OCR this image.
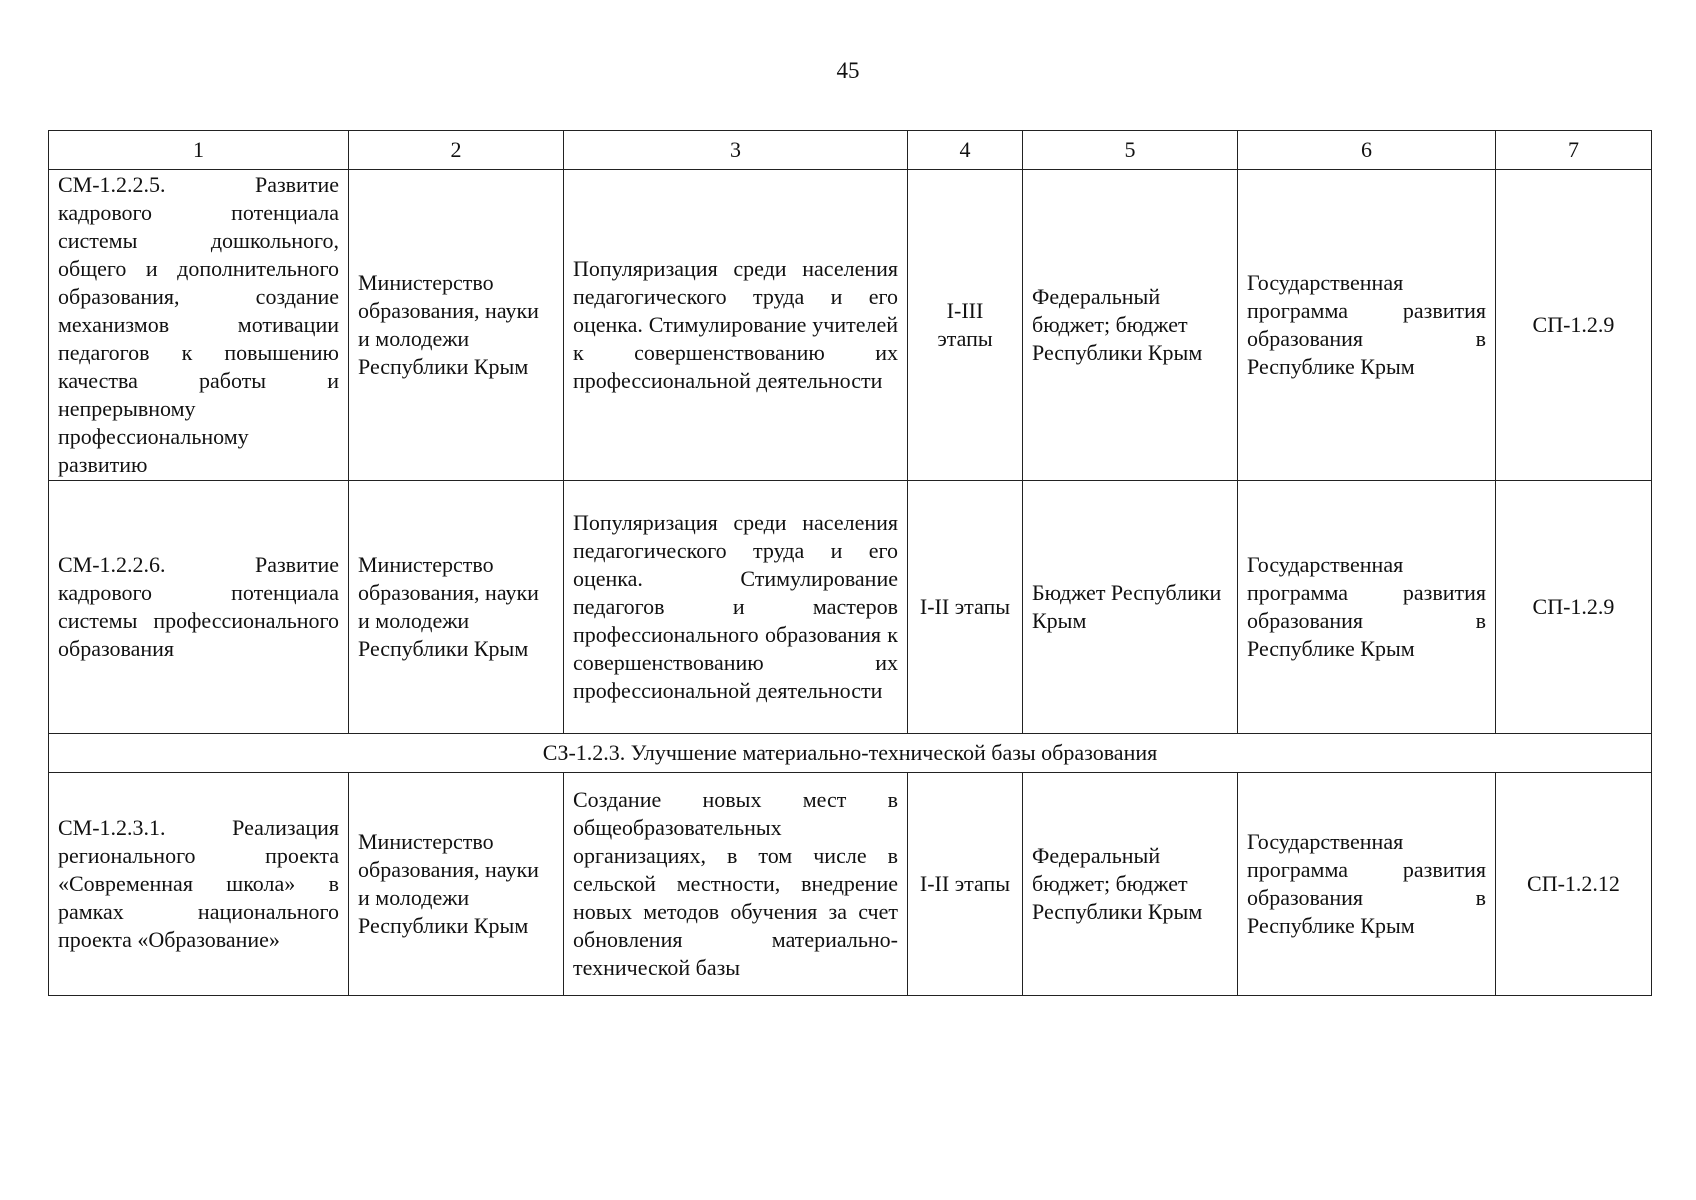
45
1	2	3	4	5	6	7
СМ-1.2.2.5. Развитие кадрового потенциала системы дошкольного, общего и дополнительного образования, создание механизмов мотивации педагогов к повышению качества работы и непрерывному профессиональному развитию	Министерство образования, науки и молодежи Республики Крым	Популяризация среди населения педагогического труда и его оценка. Стимулирование учителей к совершенствованию их профессиональной деятельности	I-III этапы	Федеральный бюджет; бюджет Республики Крым	Государственная программа развития образования в Республике Крым	СП-1.2.9
СМ-1.2.2.6. Развитие кадрового потенциала системы профессионального образования	Министерство образования, науки и молодежи Республики Крым	Популяризация среди населения педагогического труда и его оценка. Стимулирование педагогов и мастеров профессионального образования к совершенствованию их профессиональной деятельности	I-II этапы	Бюджет Республики Крым	Государственная программа развития образования в Республике Крым	СП-1.2.9
СЗ-1.2.3. Улучшение материально-технической базы образования						
СМ-1.2.3.1. Реализация регионального проекта «Современная школа» в рамках национального проекта «Образование»	Министерство образования, науки и молодежи Республики Крым	Создание новых мест в общеобразовательных организациях, в том числе в сельской местности, внедрение новых методов обучения за счет обновления материально-технической базы	I-II этапы	Федеральный бюджет; бюджет Республики Крым	Государственная программа развития образования в Республике Крым	СП-1.2.12
